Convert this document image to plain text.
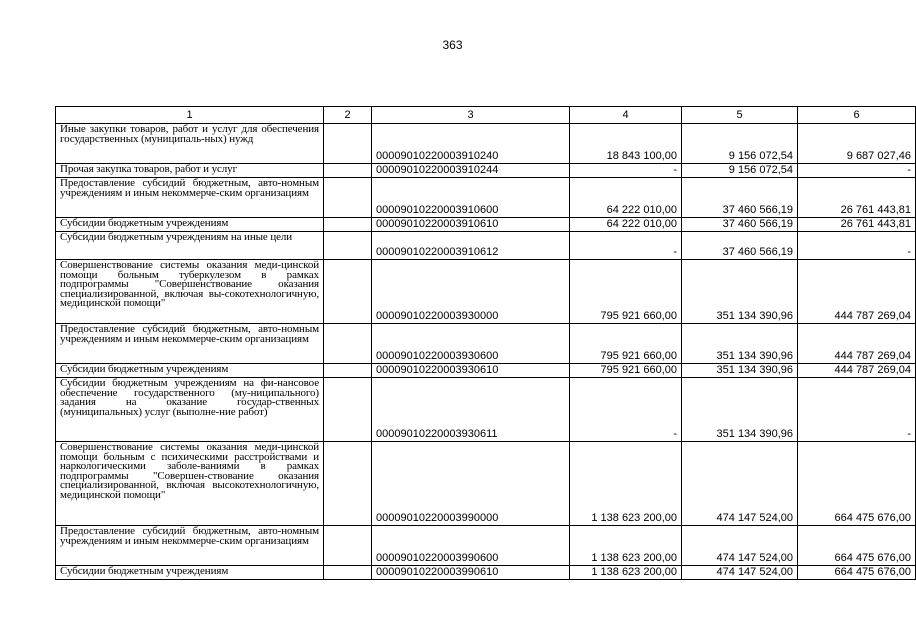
363
1	2	3	4	5	6
Иные закупки товаров, работ и услуг для обеспечения государственных (муниципаль-ных) нужд		00009010220003910240	18 843 100,00	9 156 072,54	9 687 027,46
Прочая закупка товаров, работ и услуг		00009010220003910244	-	9 156 072,54	-
Предоставление субсидий бюджетным, авто-номным учреждениям и иным некоммерче-ским организациям		00009010220003910600	64 222 010,00	37 460 566,19	26 761 443,81
Субсидии бюджетным учреждениям		00009010220003910610	64 222 010,00	37 460 566,19	26 761 443,81
Субсидии бюджетным учреждениям на иные цели		00009010220003910612	-	37 460 566,19	-
Совершенствование системы оказания меди-цинской помощи больным туберкулезом в рамках подпрограммы "Совершенствование оказания специализированной, включая вы-сокотехнологичную, медицинской помощи"		00009010220003930000	795 921 660,00	351 134 390,96	444 787 269,04
Предоставление субсидий бюджетным, авто-номным учреждениям и иным некоммерче-ским организациям		00009010220003930600	795 921 660,00	351 134 390,96	444 787 269,04
Субсидии бюджетным учреждениям		00009010220003930610	795 921 660,00	351 134 390,96	444 787 269,04
Субсидии бюджетным учреждениям на фи-нансовое обеспечение государственного (му-ниципального) задания на оказание государ-ственных (муниципальных) услуг (выполне-ние работ)		00009010220003930611	-	351 134 390,96	-
Совершенствование системы оказания меди-цинской помощи больным с психическими расстройствами и наркологическими заболе-ваниями в рамках подпрограммы "Совершен-ствование оказания специализированной, включая высокотехнологичную, медицинской помощи"		00009010220003990000	1 138 623 200,00	474 147 524,00	664 475 676,00
Предоставление субсидий бюджетным, авто-номным учреждениям и иным некоммерче-ским организациям		00009010220003990600	1 138 623 200,00	474 147 524,00	664 475 676,00
Субсидии бюджетным учреждениям		00009010220003990610	1 138 623 200,00	474 147 524,00	664 475 676,00
